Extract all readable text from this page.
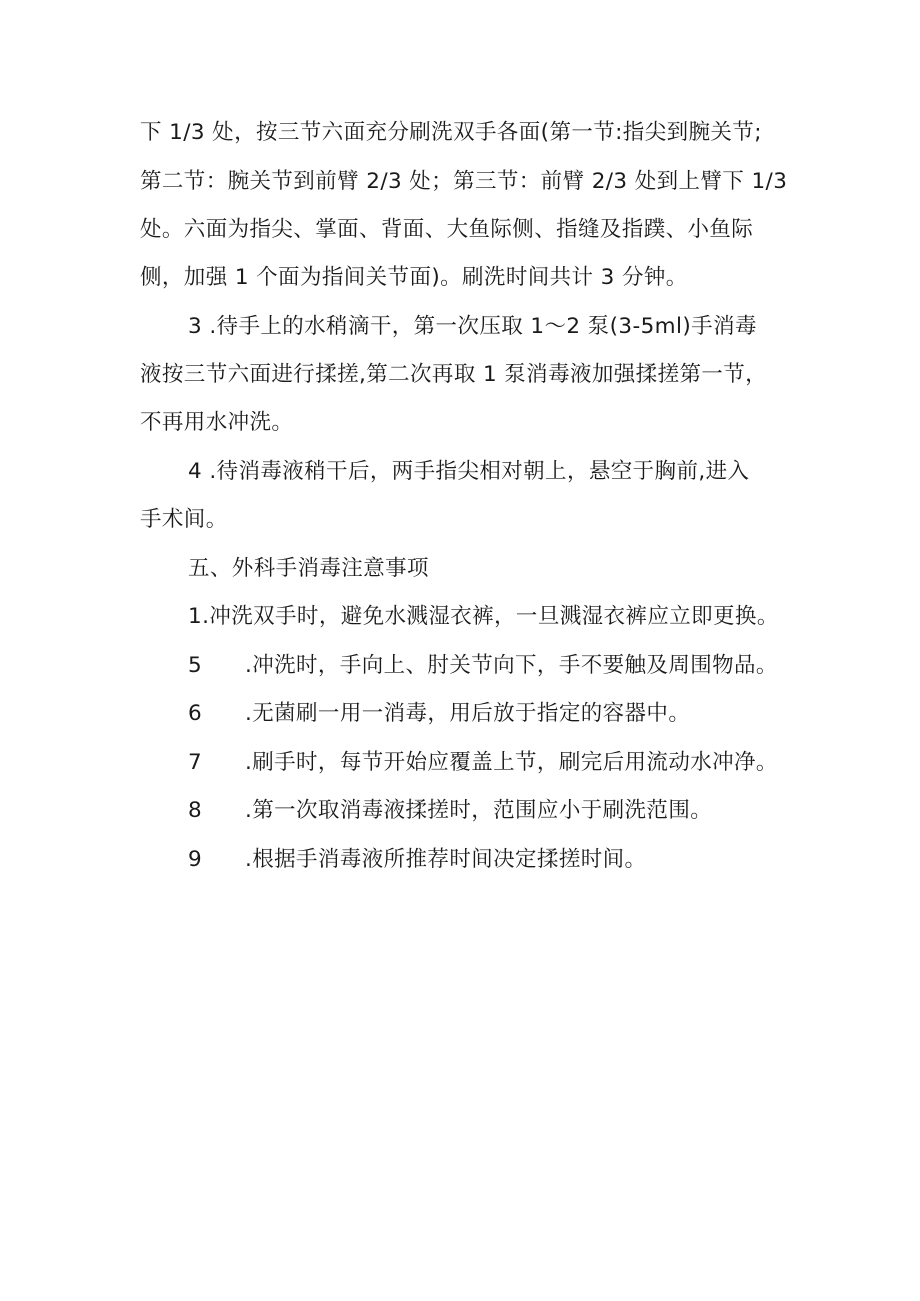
下 1/3 处，按三节六面充分刷洗双手各面(第一节:指尖到腕关节;
第二节：腕关节到前臂 2/3 处；第三节：前臂 2/3 处到上臂下 1/3
处。六面为指尖、掌面、背面、大鱼际侧、指缝及指蹼、小鱼际
侧，加强 1 个面为指间关节面)。刷洗时间共计 3 分钟。
3 .待手上的水稍滴干，第一次压取 1～2 泵(3-5ml)手消毒
液按三节六面进行揉搓,第二次再取 1 泵消毒液加强揉搓第一节，
不再用水冲洗。
4 .待消毒液稍干后，两手指尖相对朝上，悬空于胸前,进入
手术间。
五、外科手消毒注意事项
1.冲洗双手时，避免水溅湿衣裤，一旦溅湿衣裤应立即更换。
5 .冲洗时，手向上、肘关节向下，手不要触及周围物品。
6 .无菌刷一用一消毒，用后放于指定的容器中。
7 .刷手时，每节开始应覆盖上节，刷完后用流动水冲净。
8 .第一次取消毒液揉搓时，范围应小于刷洗范围。
9 .根据手消毒液所推荐时间决定揉搓时间。
